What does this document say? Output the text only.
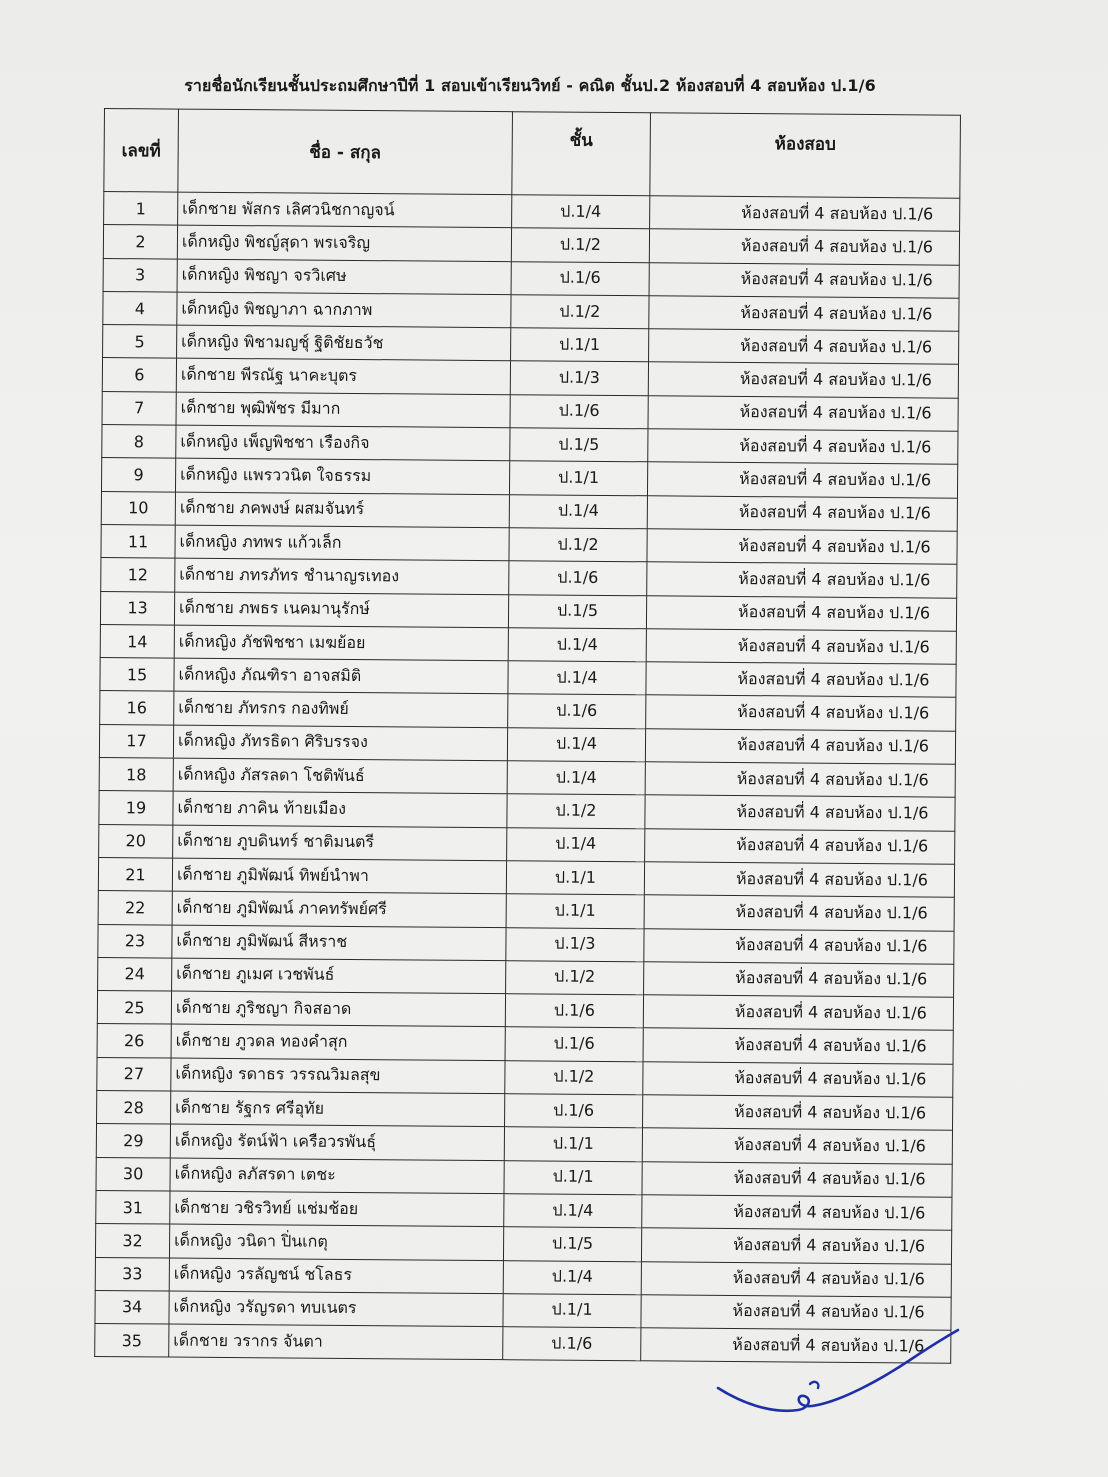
รายชื่อนักเรียนชั้นประถมศึกษาปีที่ 1 สอบเข้าเรียนวิทย์ - คณิต ชั้นป.2 ห้องสอบที่ 4 สอบห้อง ป.1/6
เลขที่	ชื่อ - สกุล	ชั้น	ห้องสอบ
1	เด็กชาย พัสกร เลิศวนิชกาญจน์	ป.1/4	ห้องสอบที่ 4 สอบห้อง ป.1/6
2	เด็กหญิง พิชญ์สุดา พรเจริญ	ป.1/2	ห้องสอบที่ 4 สอบห้อง ป.1/6
3	เด็กหญิง พิชญา จรวิเศษ	ป.1/6	ห้องสอบที่ 4 สอบห้อง ป.1/6
4	เด็กหญิง พิชญาภา ฉากภาพ	ป.1/2	ห้องสอบที่ 4 สอบห้อง ป.1/6
5	เด็กหญิง พิชามญชุ์ ฐิติชัยธวัช	ป.1/1	ห้องสอบที่ 4 สอบห้อง ป.1/6
6	เด็กชาย พีรณัฐ นาคะบุตร	ป.1/3	ห้องสอบที่ 4 สอบห้อง ป.1/6
7	เด็กชาย พุฒิพัชร มีมาก	ป.1/6	ห้องสอบที่ 4 สอบห้อง ป.1/6
8	เด็กหญิง เพ็ญพิชชา เรืองกิจ	ป.1/5	ห้องสอบที่ 4 สอบห้อง ป.1/6
9	เด็กหญิง แพรววนิต ใจธรรม	ป.1/1	ห้องสอบที่ 4 สอบห้อง ป.1/6
10	เด็กชาย ภคพงษ์ ผสมจันทร์	ป.1/4	ห้องสอบที่ 4 สอบห้อง ป.1/6
11	เด็กหญิง ภทพร แก้วเล็ก	ป.1/2	ห้องสอบที่ 4 สอบห้อง ป.1/6
12	เด็กชาย ภทรภัทร ชำนาญรเทอง	ป.1/6	ห้องสอบที่ 4 สอบห้อง ป.1/6
13	เด็กชาย ภพธร เนคมานุรักษ์	ป.1/5	ห้องสอบที่ 4 สอบห้อง ป.1/6
14	เด็กหญิง ภัชพิชชา เมฆย้อย	ป.1/4	ห้องสอบที่ 4 สอบห้อง ป.1/6
15	เด็กหญิง ภัณฑิรา อาจสมิติ	ป.1/4	ห้องสอบที่ 4 สอบห้อง ป.1/6
16	เด็กชาย ภัทรกร กองทิพย์	ป.1/6	ห้องสอบที่ 4 สอบห้อง ป.1/6
17	เด็กหญิง ภัทรธิดา ศิริบรรจง	ป.1/4	ห้องสอบที่ 4 สอบห้อง ป.1/6
18	เด็กหญิง ภัสรลดา โชติพันธ์	ป.1/4	ห้องสอบที่ 4 สอบห้อง ป.1/6
19	เด็กชาย ภาคิน ท้ายเมือง	ป.1/2	ห้องสอบที่ 4 สอบห้อง ป.1/6
20	เด็กชาย ภูบดินทร์ ชาติมนตรี	ป.1/4	ห้องสอบที่ 4 สอบห้อง ป.1/6
21	เด็กชาย ภูมิพัฒน์ ทิพย์นำพา	ป.1/1	ห้องสอบที่ 4 สอบห้อง ป.1/6
22	เด็กชาย ภูมิพัฒน์ ภาคทรัพย์ศรี	ป.1/1	ห้องสอบที่ 4 สอบห้อง ป.1/6
23	เด็กชาย ภูมิพัฒน์ สีหราช	ป.1/3	ห้องสอบที่ 4 สอบห้อง ป.1/6
24	เด็กชาย ภูเมศ เวชพันธ์	ป.1/2	ห้องสอบที่ 4 สอบห้อง ป.1/6
25	เด็กชาย ภูริชญา กิจสอาด	ป.1/6	ห้องสอบที่ 4 สอบห้อง ป.1/6
26	เด็กชาย ภูวดล ทองคำสุก	ป.1/6	ห้องสอบที่ 4 สอบห้อง ป.1/6
27	เด็กหญิง รดาธร วรรณวิมลสุข	ป.1/2	ห้องสอบที่ 4 สอบห้อง ป.1/6
28	เด็กชาย รัฐกร ศรีอุทัย	ป.1/6	ห้องสอบที่ 4 สอบห้อง ป.1/6
29	เด็กหญิง รัตน์ฟ้า เครือวรพันธุ์	ป.1/1	ห้องสอบที่ 4 สอบห้อง ป.1/6
30	เด็กหญิง ลภัสรดา เตชะ	ป.1/1	ห้องสอบที่ 4 สอบห้อง ป.1/6
31	เด็กชาย วชิรวิทย์ แช่มช้อย	ป.1/4	ห้องสอบที่ 4 สอบห้อง ป.1/6
32	เด็กหญิง วนิดา ปิ่นเกตุ	ป.1/5	ห้องสอบที่ 4 สอบห้อง ป.1/6
33	เด็กหญิง วรลัญชน์ ชโลธร	ป.1/4	ห้องสอบที่ 4 สอบห้อง ป.1/6
34	เด็กหญิง วรัญรดา ทบเนตร	ป.1/1	ห้องสอบที่ 4 สอบห้อง ป.1/6
35	เด็กชาย วรากร จันตา	ป.1/6	ห้องสอบที่ 4 สอบห้อง ป.1/6
